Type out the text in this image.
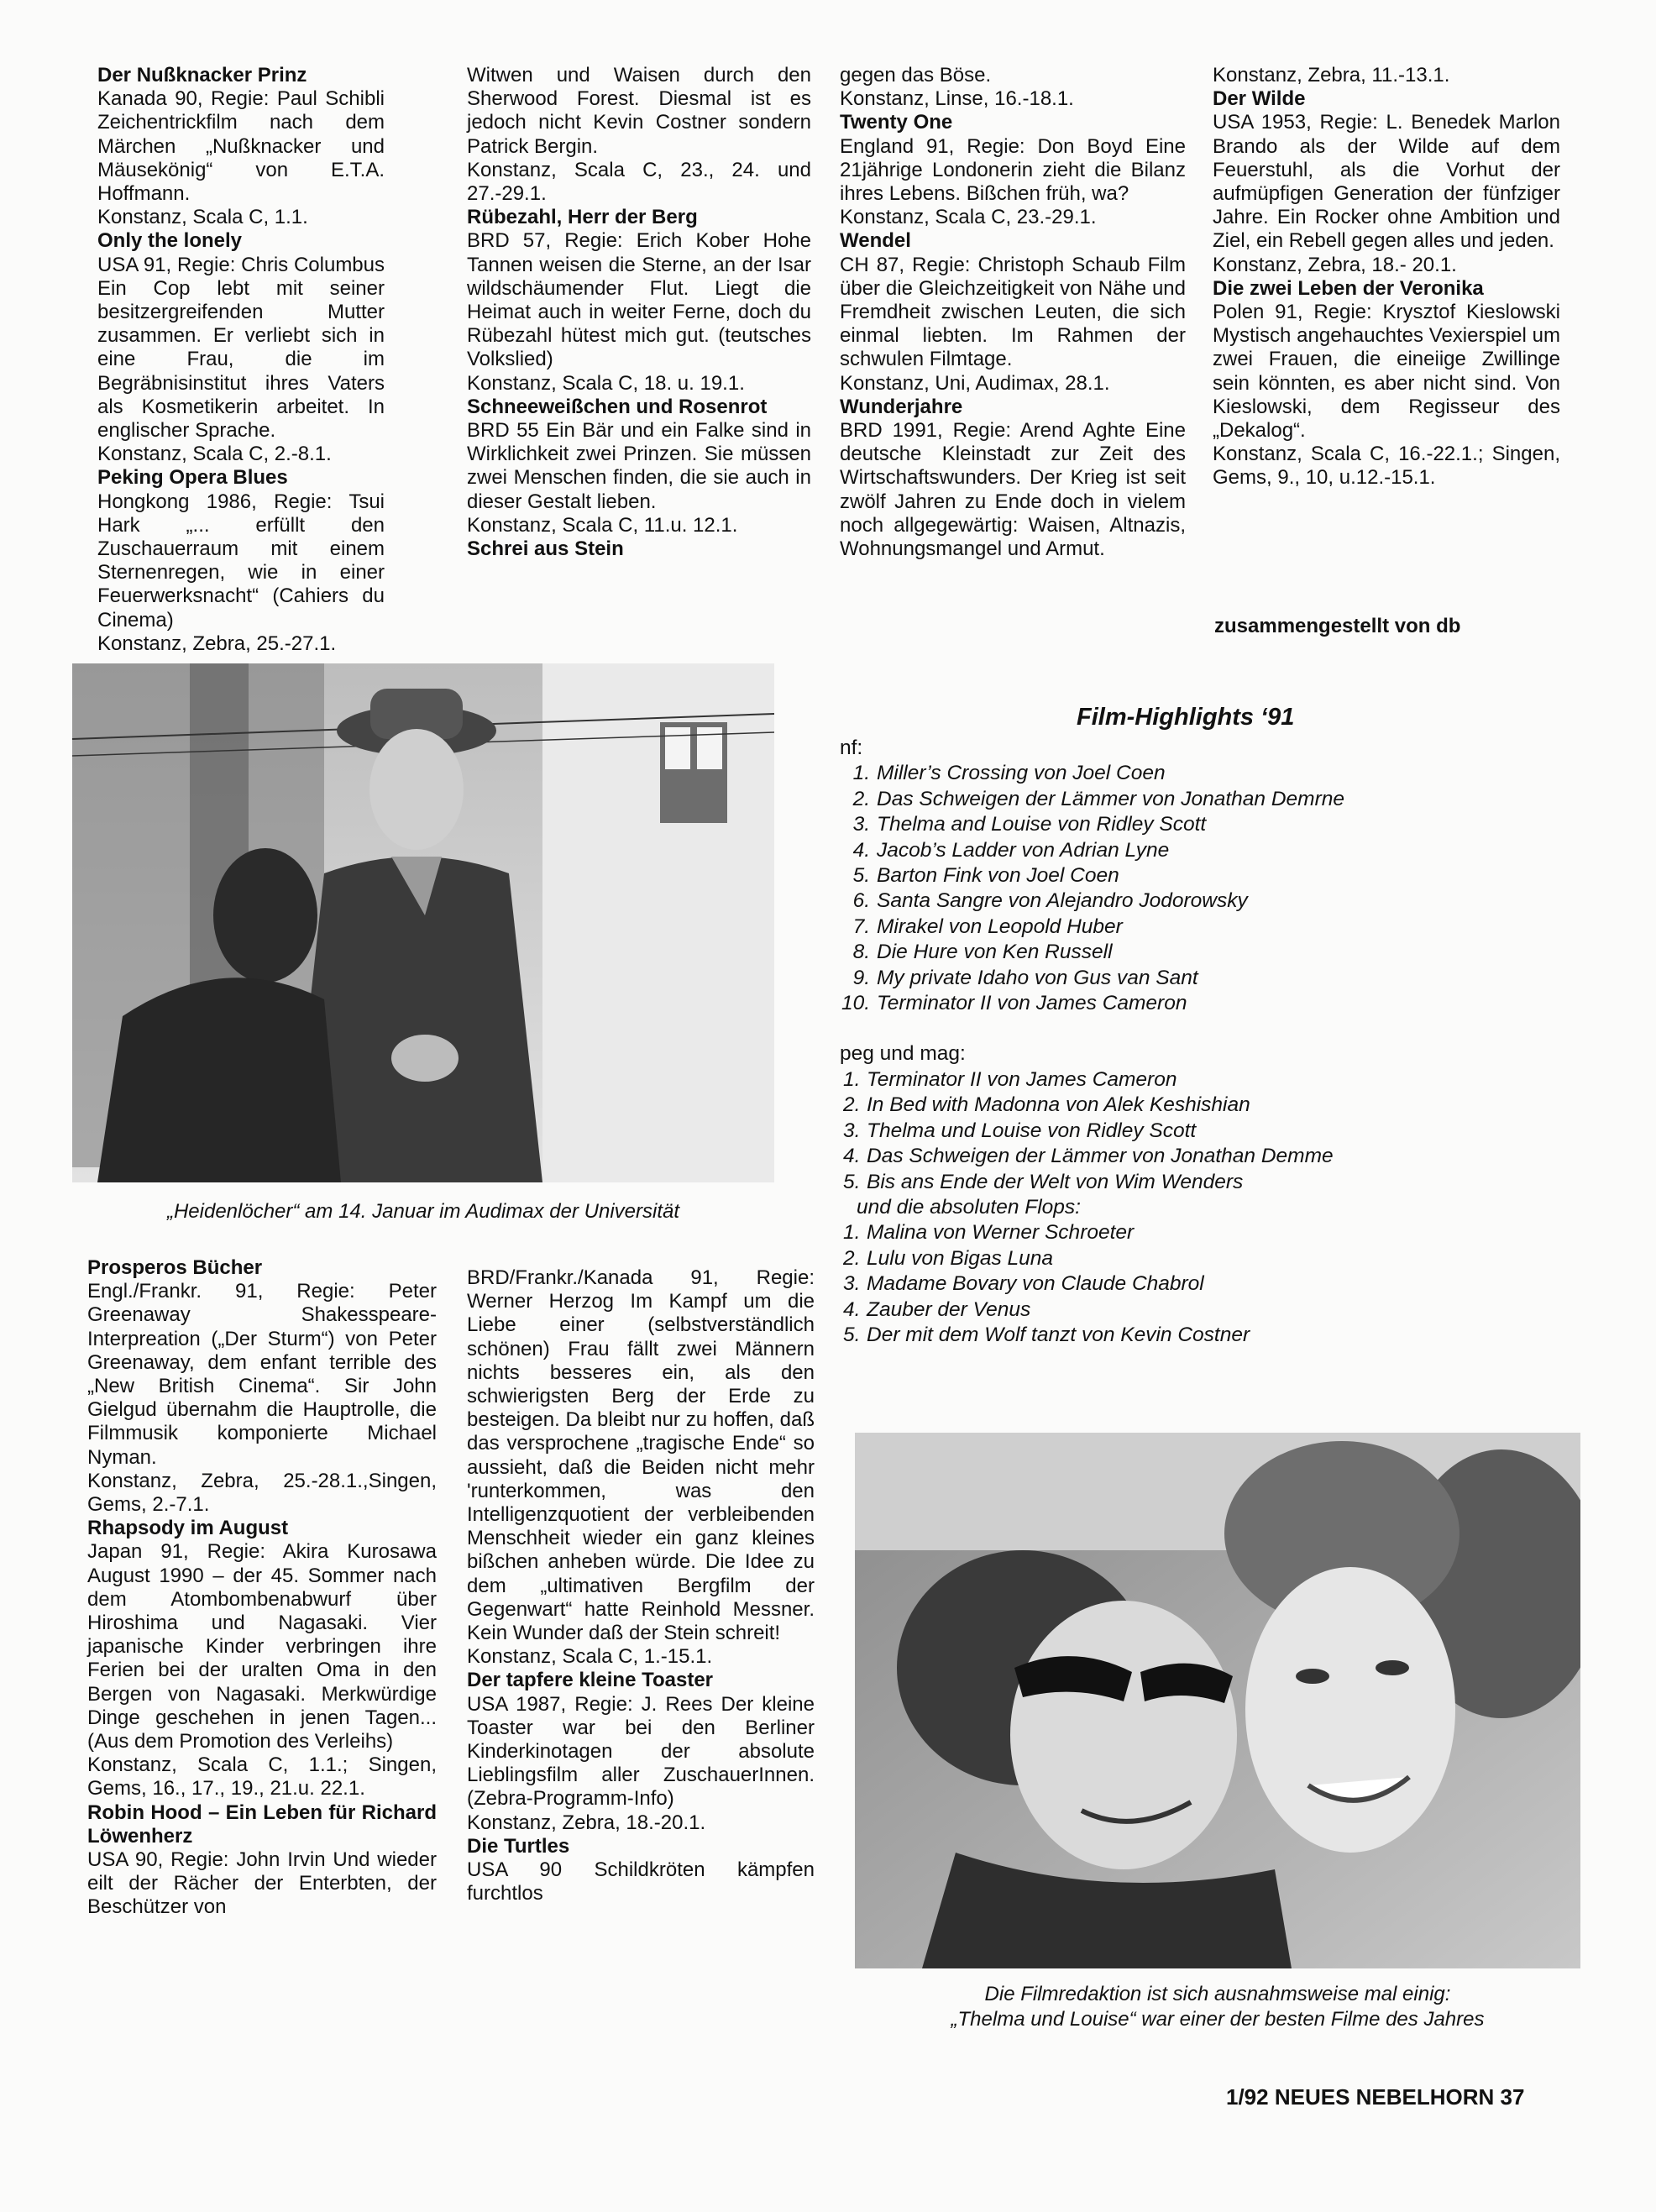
Der Nußknacker Prinz

Kanada 90, Regie: Paul Schibli Zeichentrickfilm nach dem Märchen „Nußknacker und Mäusekönig“ von E.T.A. Hoffmann.

Konstanz, Scala C, 1.1.

Only the lonely

USA 91, Regie: Chris Columbus Ein Cop lebt mit seiner besitzergreifenden Mutter zusammen. Er verliebt sich in eine Frau, die im Begräbnisinstitut ihres Vaters als Kosmetikerin arbeitet. In englischer Sprache.

Konstanz, Scala C, 2.-8.1.

Peking Opera Blues

Hongkong 1986, Regie: Tsui Hark „... erfüllt den Zuschauerraum mit einem Sternenregen, wie in einer Feuerwerksnacht“ (Cahiers du Cinema)

Konstanz, Zebra, 25.-27.1.

Witwen und Waisen durch den Sherwood Forest. Diesmal ist es jedoch nicht Kevin Costner sondern Patrick Bergin.

Konstanz, Scala C, 23., 24. und 27.-29.1.

Rübezahl, Herr der Berg

BRD 57, Regie: Erich Kober Hohe Tannen weisen die Sterne, an der Isar wildschäumender Flut. Liegt die Heimat auch in weiter Ferne, doch du Rübezahl hütest mich gut. (teutsches Volkslied)

Konstanz, Scala C, 18. u. 19.1.

Schneeweißchen und Rosenrot

BRD 55 Ein Bär und ein Falke sind in Wirklichkeit zwei Prinzen. Sie müssen zwei Menschen finden, die sie auch in dieser Gestalt lieben.

Konstanz, Scala C, 11.u. 12.1.

Schrei aus Stein

gegen das Böse.

Konstanz, Linse, 16.-18.1.

Twenty One

England 91, Regie: Don Boyd Eine 21jährige Londonerin zieht die Bilanz ihres Lebens. Bißchen früh, wa?

Konstanz, Scala C, 23.-29.1.

Wendel

CH 87, Regie: Christoph Schaub Film über die Gleichzeitigkeit von Nähe und Fremdheit zwischen Leuten, die sich einmal liebten. Im Rahmen der schwulen Filmtage.

Konstanz, Uni, Audimax, 28.1.

Wunderjahre

BRD 1991, Regie: Arend Aghte Eine deutsche Kleinstadt zur Zeit des Wirtschaftswunders. Der Krieg ist seit zwölf Jahren zu Ende doch in vielem noch allgegewärtig: Waisen, Altnazis, Wohnungsmangel und Armut.

Konstanz, Zebra, 11.-13.1.

Der Wilde

USA 1953, Regie: L. Benedek Marlon Brando als der Wilde auf dem Feuerstuhl, als die Vorhut der aufmüpfigen Generation der fünfziger Jahre. Ein Rocker ohne Ambition und Ziel, ein Rebell gegen alles und jeden.

Konstanz, Zebra, 18.- 20.1.

Die zwei Leben der Veronika

Polen 91, Regie: Krysztof Kieslowski Mystisch angehauchtes Vexierspiel um zwei Frauen, die eineiige Zwillinge sein könnten, es aber nicht sind. Von Kieslowski, dem Regisseur des „Dekalog“.

Konstanz, Scala C, 16.-22.1.; Singen, Gems, 9., 10, u.12.-15.1.

zusammengestellt von db
„Heidenlöcher“ am 14. Januar im Audimax der Universität

Prosperos Bücher

Engl./Frankr. 91, Regie: Peter Greenaway Shakesspeare-Interpreation („Der Sturm“) von Peter Greenaway, dem enfant terrible des „New British Cinema“. Sir John Gielgud übernahm die Hauptrolle, die Filmmusik komponierte Michael Nyman.

Konstanz, Zebra, 25.-28.1.,Singen, Gems, 2.-7.1.

Rhapsody im August

Japan 91, Regie: Akira Kurosawa August 1990 – der 45. Sommer nach dem Atombombenabwurf über Hiroshima und Nagasaki. Vier japanische Kinder verbringen ihre Ferien bei der uralten Oma in den Bergen von Nagasaki. Merkwürdige Dinge geschehen in jenen Tagen...(Aus dem Promotion des Verleihs)

Konstanz, Scala C, 1.1.; Singen, Gems, 16., 17., 19., 21.u. 22.1.

Robin Hood – Ein Leben für Richard Löwenherz

USA 90, Regie: John Irvin Und wieder eilt der Rächer der Enterbten, der Beschützer von

BRD/Frankr./Kanada 91, Regie: Werner Herzog Im Kampf um die Liebe einer (selbstverständlich schönen) Frau fällt zwei Männern nichts besseres ein, als den schwierigsten Berg der Erde zu besteigen. Da bleibt nur zu hoffen, daß das versprochene „tragische Ende“ so aussieht, daß die Beiden nicht mehr 'runterkommen, was den Intelligenzquotient der verbleibenden Menschheit wieder ein ganz kleines bißchen anheben würde. Die Idee zu dem „ultimativen Bergfilm der Gegenwart“ hatte Reinhold Messner. Kein Wunder daß der Stein schreit!

Konstanz, Scala C, 1.-15.1.

Der tapfere kleine Toaster

USA 1987, Regie: J. Rees Der kleine Toaster war bei den Berliner Kinderkinotagen der absolute Lieblingsfilm aller ZuschauerInnen. (Zebra-Programm-Info)

Konstanz, Zebra, 18.-20.1.

Die Turtles

USA 90 Schildkröten kämpfen furchtlos

Film-Highlights ‘91
nf:
1. Miller’s Crossing von Joel Coen
2. Das Schweigen der Lämmer von Jonathan Demrne
3. Thelma and Louise von Ridley Scott
4. Jacob’s Ladder von Adrian Lyne
5. Barton Fink von Joel Coen
6. Santa Sangre von Alejandro Jodorowsky
7. Mirakel von Leopold Huber
8. Die Hure von Ken Russell
9. My private Idaho von Gus van Sant
10. Terminator II von James Cameron
peg und mag:
1. Terminator II von James Cameron
2. In Bed with Madonna von Alek Keshishian
3. Thelma und Louise von Ridley Scott
4. Das Schweigen der Lämmer von Jonathan Demme
5. Bis ans Ende der Welt von Wim Wenders
und die absoluten Flops:
1. Malina von Werner Schroeter
2. Lulu von Bigas Luna
3. Madame Bovary von Claude Chabrol
4. Zauber der Venus
5. Der mit dem Wolf tanzt von Kevin Costner
Die Filmredaktion ist sich ausnahmsweise mal einig:
„Thelma und Louise“ war einer der besten Filme des Jahres
1/92 NEUES NEBELHORN 37
